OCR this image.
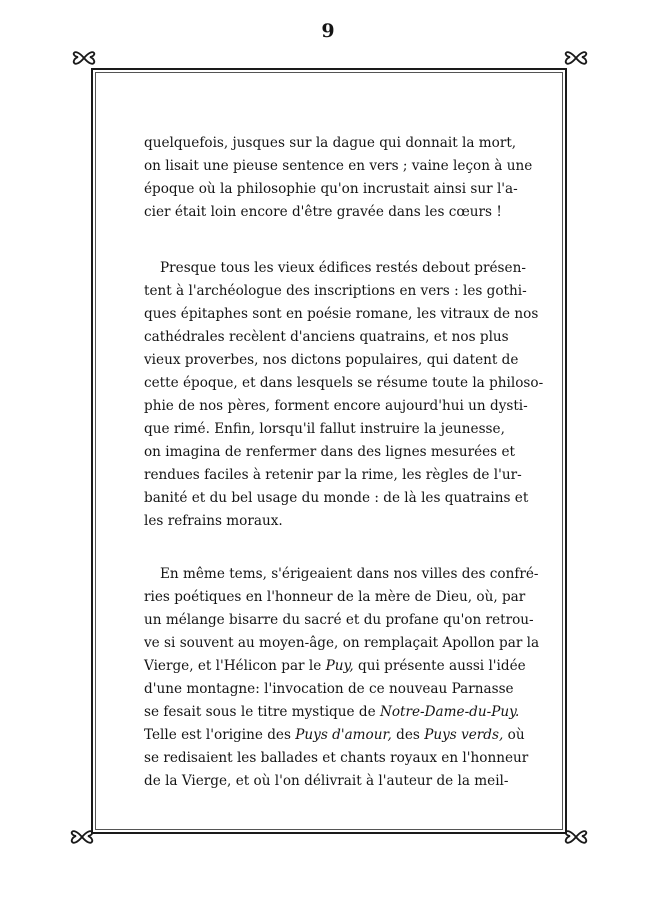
9
quelquefois, jusques sur la dague qui donnait la mort,
on lisait une pieuse sentence en vers ; vaine leçon à une
époque où la philosophie qu'on incrustait ainsi sur l'a-
cier était loin encore d'être gravée dans les cœurs !
Presque tous les vieux édifices restés debout présen-
tent à l'archéologue des inscriptions en vers : les gothi-
ques épitaphes sont en poésie romane, les vitraux de nos
cathédrales recèlent d'anciens quatrains, et nos plus
vieux proverbes, nos dictons populaires, qui datent de
cette époque, et dans lesquels se résume toute la philoso-
phie de nos pères, forment encore aujourd'hui un dysti-
que rimé. Enfin, lorsqu'il fallut instruire la jeunesse,
on imagina de renfermer dans des lignes mesurées et
rendues faciles à retenir par la rime, les règles de l'ur-
banité et du bel usage du monde : de là les quatrains et
les refrains moraux.
En même tems, s'érigeaient dans nos villes des confré-
ries poétiques en l'honneur de la mère de Dieu, où, par
un mélange bisarre du sacré et du profane qu'on retrou-
ve si souvent au moyen-âge, on remplaçait Apollon par la
Vierge, et l'Hélicon par le Puy, qui présente aussi l'idée
d'une montagne: l'invocation de ce nouveau Parnasse
se fesait sous le titre mystique de Notre-Dame-du-Puy.
Telle est l'origine des Puys d'amour, des Puys verds, où
se redisaient les ballades et chants royaux en l'honneur
de la Vierge, et où l'on délivrait à l'auteur de la meil-
